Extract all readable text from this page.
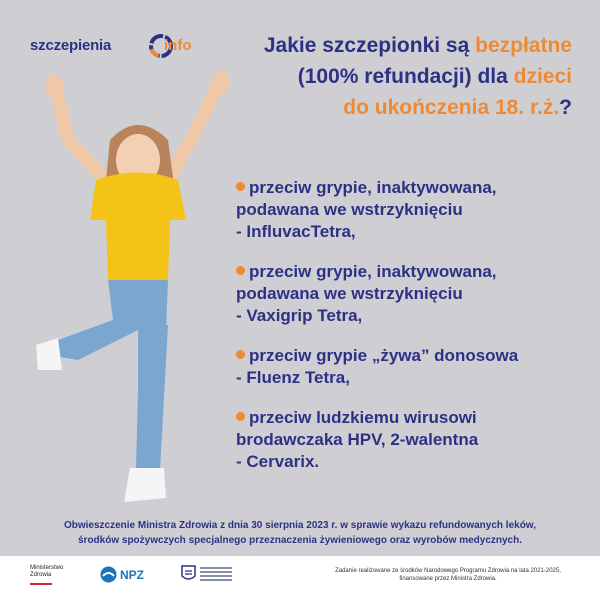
szczepienia	info	Jakie szczepionki są bezpłatne
(100% refundacji) dla dzieci
do ukończenia 18. r.ż.?
przeciw grypie, inaktywowana,
podawana we wstrzyknięciu
- InfluvacTetra,
przeciw grypie, inaktywowana,
podawana we wstrzyknięciu
- Vaxigrip Tetra,
przeciw grypie „żywa” donosowa
- Fluenz Tetra,
przeciw ludzkiemu wirusowi
brodawczaka HPV, 2-walentna
- Cervarix.
Obwieszczenie Ministra Zdrowia z dnia 30 sierpnia 2023 r. w sprawie wykazu refundowanych leków,
środków spożywczych specjalnego przeznaczenia żywieniowego oraz wyrobów medycznych.
Ministerstwo
Zdrowia	NPZ	Zadanie realizowane ze środków Narodowego Programu Zdrowia na lata 2021-2025,
finansowane przez Ministra Zdrowia.
